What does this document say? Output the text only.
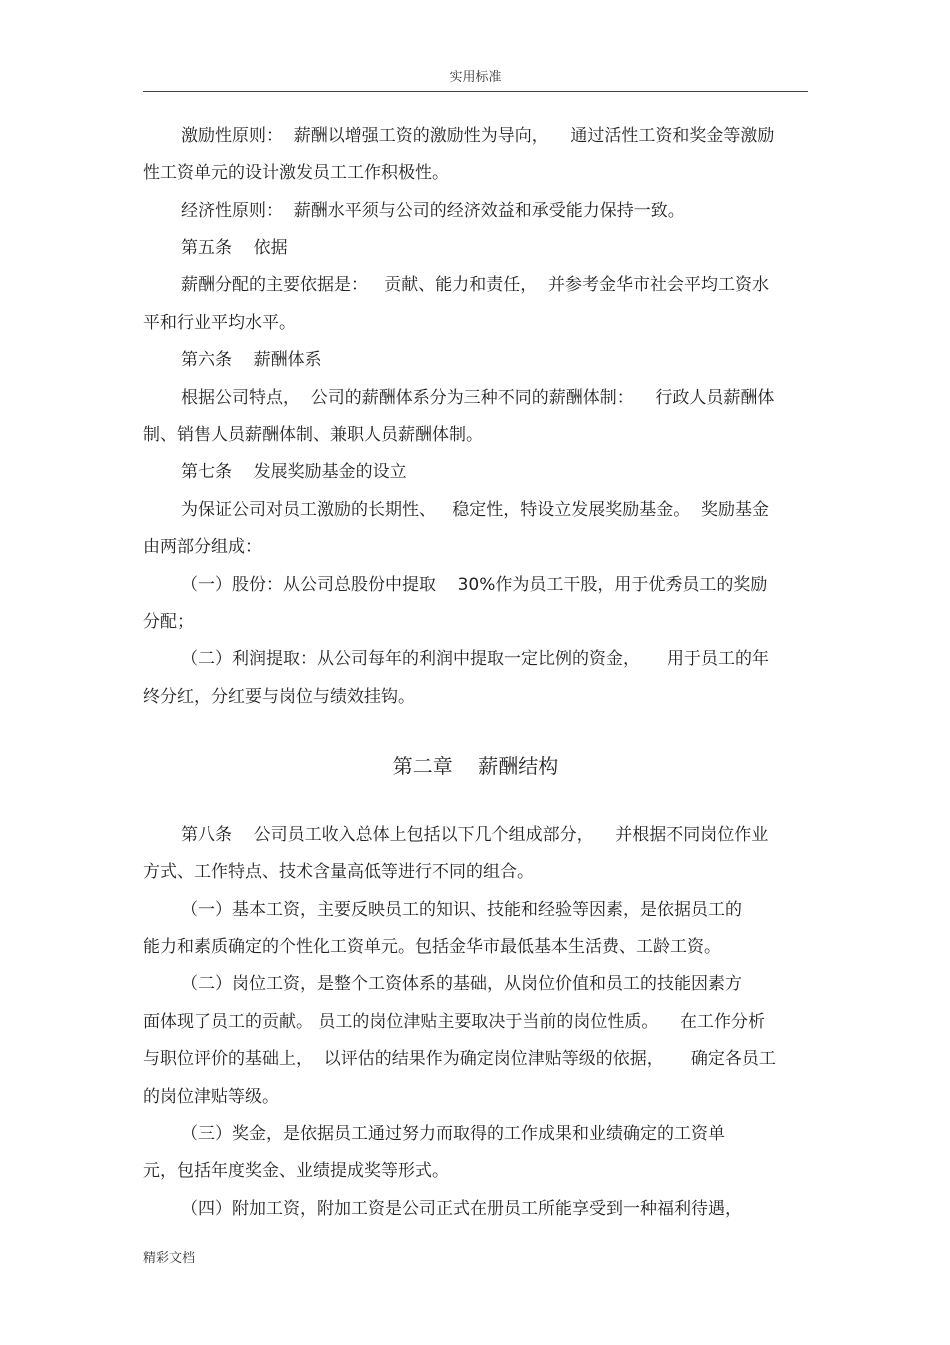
实用标准
激励性原则：  薪酬以增强工资的激励性为导向，    通过活性工资和奖金等激励
性工资单元的设计激发员工工作积极性。
经济性原则：  薪酬水平须与公司的经济效益和承受能力保持一致。
第五条    依据
薪酬分配的主要依据是：   贡献、能力和责任，  并参考金华市社会平均工资水
平和行业平均水平。
第六条    薪酬体系
根据公司特点，  公司的薪酬体系分为三种不同的薪酬体制：    行政人员薪酬体
制、销售人员薪酬体制、兼职人员薪酬体制。
第七条    发展奖励基金的设立
为保证公司对员工激励的长期性、   稳定性，特设立发展奖励基金。  奖励基金
由两部分组成：
（一）股份：从公司总股份中提取    30%作为员工干股，用于优秀员工的奖励
分配；
（二）利润提取：从公司每年的利润中提取一定比例的资金，     用于员工的年
终分红，分红要与岗位与绩效挂钩。
第二章    薪酬结构
第八条    公司员工收入总体上包括以下几个组成部分，    并根据不同岗位作业
方式、工作特点、技术含量高低等进行不同的组合。
（一）基本工资，主要反映员工的知识、技能和经验等因素，是依据员工的
能力和素质确定的个性化工资单元。包括金华市最低基本生活费、工龄工资。
（二）岗位工资，是整个工资体系的基础，从岗位价值和员工的技能因素方
面体现了员工的贡献。 员工的岗位津贴主要取决于当前的岗位性质。    在工作分析
与职位评价的基础上，  以评估的结果作为确定岗位津贴等级的依据，     确定各员工
的岗位津贴等级。
（三）奖金，是依据员工通过努力而取得的工作成果和业绩确定的工资单
元，包括年度奖金、业绩提成奖等形式。
（四）附加工资，附加工资是公司正式在册员工所能享受到一种福利待遇，
精彩文档
